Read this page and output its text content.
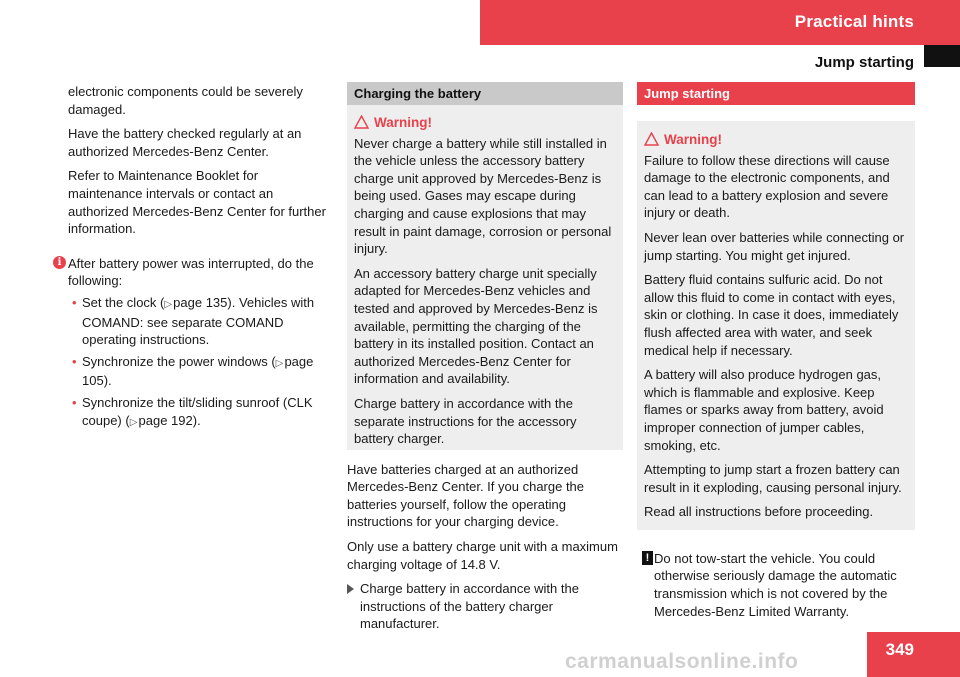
Practical hints
Jump starting

electronic components could be severely damaged.

Have the battery checked regularly at an authorized Mercedes-Benz Center.

Refer to Maintenance Booklet for maintenance intervals or contact an authorized Mercedes-Benz Center for further information.

i After battery power was interrupted, do the following:
• Set the clock (▷ page 135). Vehicles with COMAND: see separate COMAND operating instructions.
• Synchronize the power windows (▷ page 105).
• Synchronize the tilt/sliding sunroof (CLK coupe) (▷ page 192).
Charging the battery
Warning!

Never charge a battery while still installed in the vehicle unless the accessory battery charge unit approved by Mercedes-Benz is being used. Gases may escape during charging and cause explosions that may result in paint damage, corrosion or personal injury.

An accessory battery charge unit specially adapted for Mercedes-Benz vehicles and tested and approved by Mercedes-Benz is available, permitting the charging of the battery in its installed position. Contact an authorized Mercedes-Benz Center for information and availability.

Charge battery in accordance with the separate instructions for the accessory battery charger.

Have batteries charged at an authorized Mercedes-Benz Center. If you charge the batteries yourself, follow the operating instructions for your charging device.

Only use a battery charge unit with a maximum charging voltage of 14.8 V.

Charge battery in accordance with the instructions of the battery charger manufacturer.
Jump starting
Warning!

Failure to follow these directions will cause damage to the electronic components, and can lead to a battery explosion and severe injury or death.

Never lean over batteries while connecting or jump starting. You might get injured.

Battery fluid contains sulfuric acid. Do not allow this fluid to come in contact with eyes, skin or clothing. In case it does, immediately flush affected area with water, and seek medical help if necessary.

A battery will also produce hydrogen gas, which is flammable and explosive. Keep flames or sparks away from battery, avoid improper connection of jumper cables, smoking, etc.

Attempting to jump start a frozen battery can result in it exploding, causing personal injury.

Read all instructions before proceeding.

! Do not tow-start the vehicle. You could otherwise seriously damage the automatic transmission which is not covered by the Mercedes-Benz Limited Warranty.
carmanualsonline.info
349
